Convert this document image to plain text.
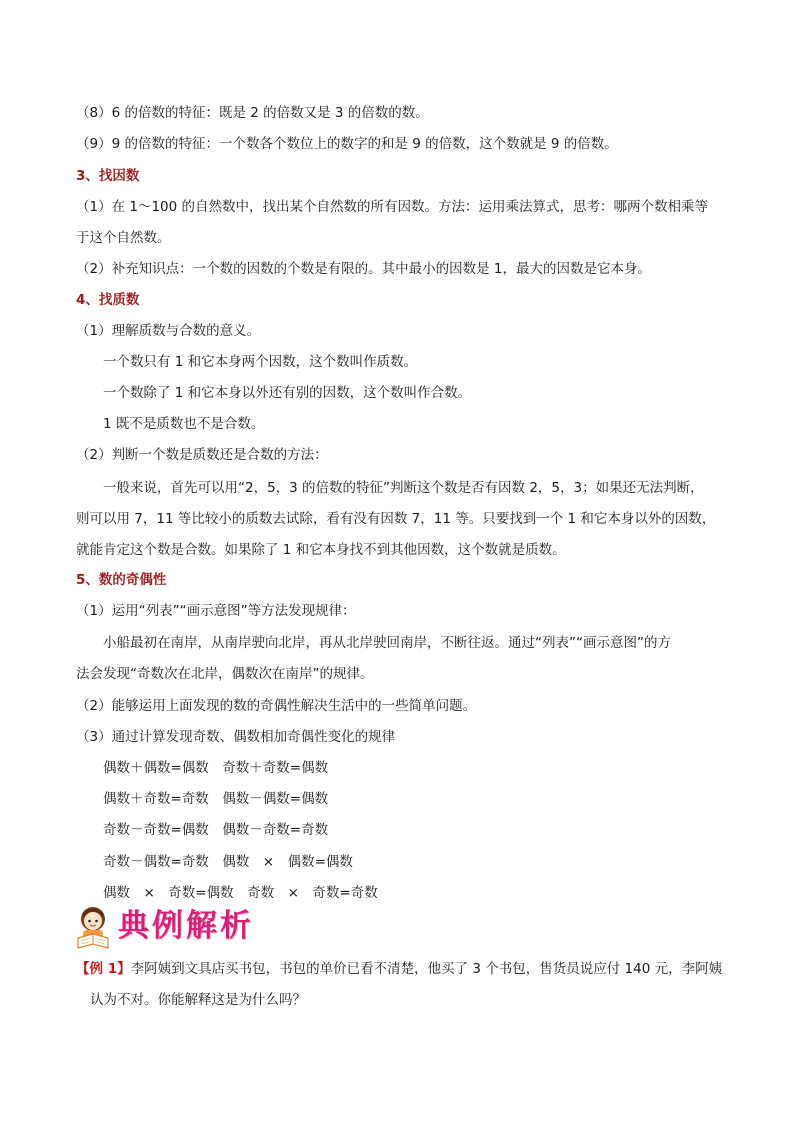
（8）6 的倍数的特征：既是 2 的倍数又是 3 的倍数的数。
（9）9 的倍数的特征：一个数各个数位上的数字的和是 9 的倍数，这个数就是 9 的倍数。
3、找因数
（1）在 1～100 的自然数中，找出某个自然数的所有因数。方法：运用乘法算式，思考：哪两个数相乘等
于这个自然数。
（2）补充知识点：一个数的因数的个数是有限的。其中最小的因数是 1，最大的因数是它本身。
4、找质数
（1）理解质数与合数的意义。
一个数只有 1 和它本身两个因数，这个数叫作质数。
一个数除了 1 和它本身以外还有别的因数，这个数叫作合数。
1 既不是质数也不是合数。
（2）判断一个数是质数还是合数的方法：
一般来说，首先可以用“2，5，3 的倍数的特征”判断这个数是否有因数 2，5，3；如果还无法判断，
则可以用 7，11 等比较小的质数去试除，看有没有因数 7，11 等。只要找到一个 1 和它本身以外的因数，
就能肯定这个数是合数。如果除了 1 和它本身找不到其他因数，这个数就是质数。
5、数的奇偶性
（1）运用“列表”“画示意图”等方法发现规律：
小船最初在南岸，从南岸驶向北岸，再从北岸驶回南岸，不断往返。通过“列表”“画示意图”的方
法会发现“奇数次在北岸，偶数次在南岸”的规律。
（2）能够运用上面发现的数的奇偶性解决生活中的一些简单问题。
（3）通过计算发现奇数、偶数相加奇偶性变化的规律
偶数＋偶数=偶数　奇数＋奇数=偶数
偶数＋奇数=奇数　偶数－偶数=偶数
奇数－奇数=偶数　偶数－奇数=奇数
奇数－偶数=奇数　偶数　×　偶数=偶数
偶数　×　奇数=偶数　奇数　×　奇数=奇数
典例解析
【例 1】李阿姨到文具店买书包，书包的单价已看不清楚，他买了 3 个书包，售货员说应付 140 元，李阿姨
认为不对。你能解释这是为什么吗？
